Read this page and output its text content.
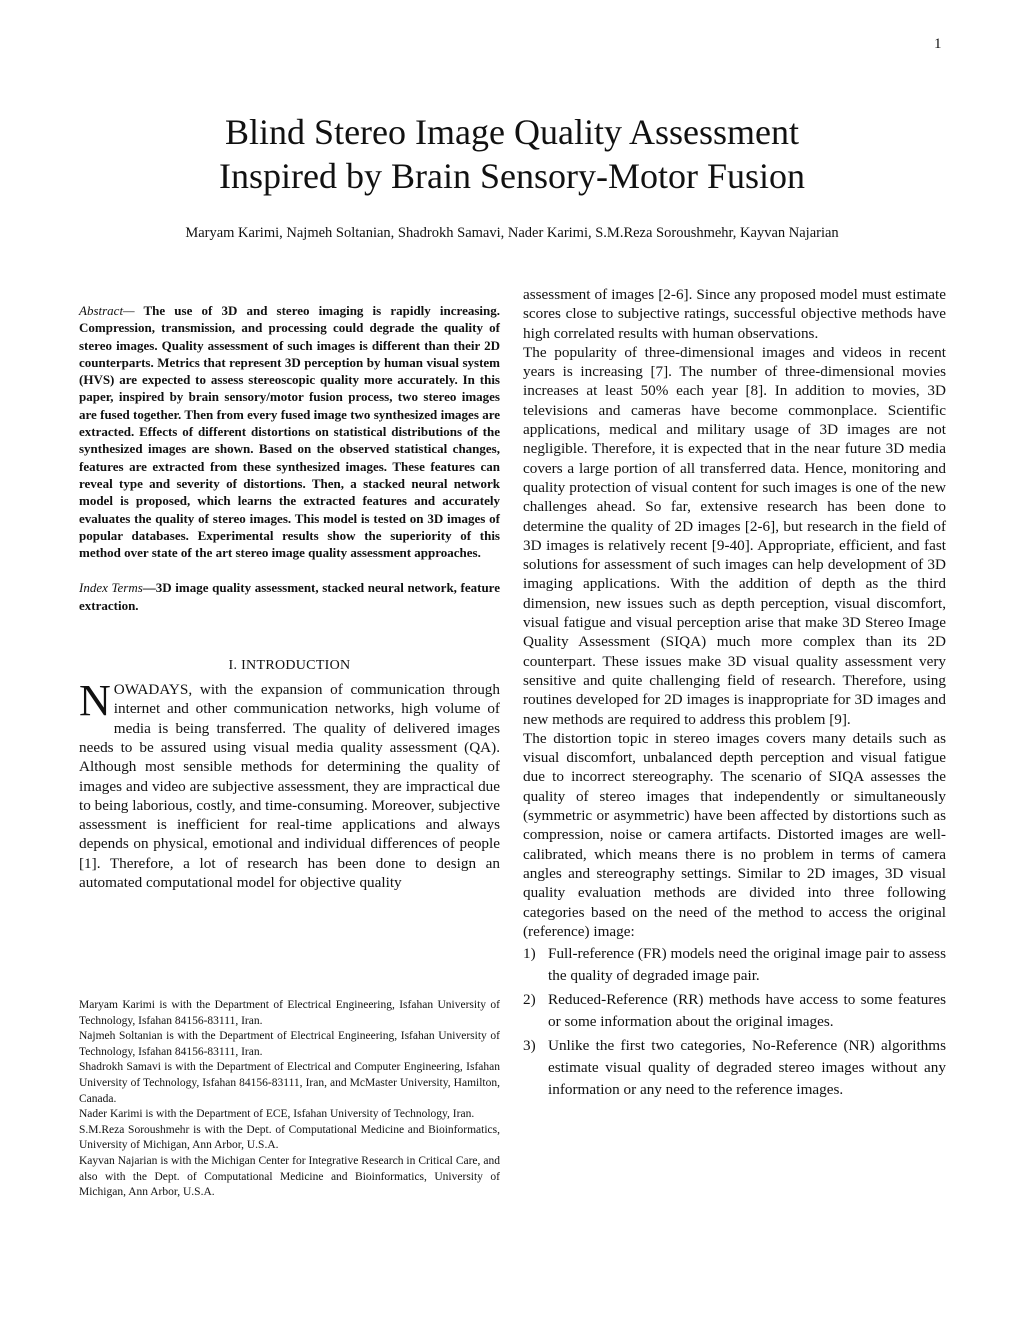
1
Blind Stereo Image Quality Assessment
Inspired by Brain Sensory-Motor Fusion
Maryam Karimi, Najmeh Soltanian, Shadrokh Samavi, Nader Karimi, S.M.Reza Soroushmehr, Kayvan Najarian

Abstract— The use of 3D and stereo imaging is rapidly increasing. Compression, transmission, and processing could degrade the quality of stereo images. Quality assessment of such images is different than their 2D counterparts. Metrics that represent 3D perception by human visual system (HVS) are expected to assess stereoscopic quality more accurately. In this paper, inspired by brain sensory/motor fusion process, two stereo images are fused together. Then from every fused image two synthesized images are extracted. Effects of different distortions on statistical distributions of the synthesized images are shown. Based on the observed statistical changes, features are extracted from these synthesized images. These features can reveal type and severity of distortions. Then, a stacked neural network model is proposed, which learns the extracted features and accurately evaluates the quality of stereo images. This model is tested on 3D images of popular databases. Experimental results show the superiority of this method over state of the art stereo image quality assessment approaches.

Index Terms—3D image quality assessment, stacked neural network, feature extraction.

I. INTRODUCTION

NOWADAYS, with the expansion of communication through internet and other communication networks, high volume of media is being transferred. The quality of delivered images needs to be assured using visual media quality assessment (QA). Although most sensible methods for determining the quality of images and video are subjective assessment, they are impractical due to being laborious, costly, and time-consuming. Moreover, subjective assessment is inefficient for real-time applications and always depends on physical, emotional and individual differences of people [1]. Therefore, a lot of research has been done to design an automated computational model for objective quality

Maryam Karimi is with the Department of Electrical Engineering, Isfahan University of Technology, Isfahan 84156-83111, Iran.

Najmeh Soltanian is with the Department of Electrical Engineering, Isfahan University of Technology, Isfahan 84156-83111, Iran.

Shadrokh Samavi is with the Department of Electrical and Computer Engineering, Isfahan University of Technology, Isfahan 84156-83111, Iran, and McMaster University, Hamilton, Canada.

Nader Karimi is with the Department of ECE, Isfahan University of Technology, Iran.

S.M.Reza Soroushmehr is with the Dept. of Computational Medicine and Bioinformatics, University of Michigan, Ann Arbor, U.S.A.

Kayvan Najarian is with the Michigan Center for Integrative Research in Critical Care, and also with the Dept. of Computational Medicine and Bioinformatics, University of Michigan, Ann Arbor, U.S.A.

assessment of images [2-6]. Since any proposed model must estimate scores close to subjective ratings, successful objective methods have high correlated results with human observations.

The popularity of three-dimensional images and videos in recent years is increasing [7]. The number of three-dimensional movies increases at least 50% each year [8]. In addition to movies, 3D televisions and cameras have become commonplace. Scientific applications, medical and military usage of 3D images are not negligible. Therefore, it is expected that in the near future 3D media covers a large portion of all transferred data. Hence, monitoring and quality protection of visual content for such images is one of the new challenges ahead. So far, extensive research has been done to determine the quality of 2D images [2-6], but research in the field of 3D images is relatively recent [9-40]. Appropriate, efficient, and fast solutions for assessment of such images can help development of 3D imaging applications. With the addition of depth as the third dimension, new issues such as depth perception, visual discomfort, visual fatigue and visual perception arise that make 3D Stereo Image Quality Assessment (SIQA) much more complex than its 2D counterpart. These issues make 3D visual quality assessment very sensitive and quite challenging field of research. Therefore, using routines developed for 2D images is inappropriate for 3D images and new methods are required to address this problem [9].

The distortion topic in stereo images covers many details such as visual discomfort, unbalanced depth perception and visual fatigue due to incorrect stereography. The scenario of SIQA assesses the quality of stereo images that independently or simultaneously (symmetric or asymmetric) have been affected by distortions such as compression, noise or camera artifacts. Distorted images are well-calibrated, which means there is no problem in terms of camera angles and stereography settings. Similar to 2D images, 3D visual quality evaluation methods are divided into three following categories based on the need of the method to access the original (reference) image:

1) Full-reference (FR) models need the original image pair to assess the quality of degraded image pair.
2) Reduced-Reference (RR) methods have access to some features or some information about the original images.
3) Unlike the first two categories, No-Reference (NR) algorithms estimate visual quality of degraded stereo images without any information or any need to the reference images.
